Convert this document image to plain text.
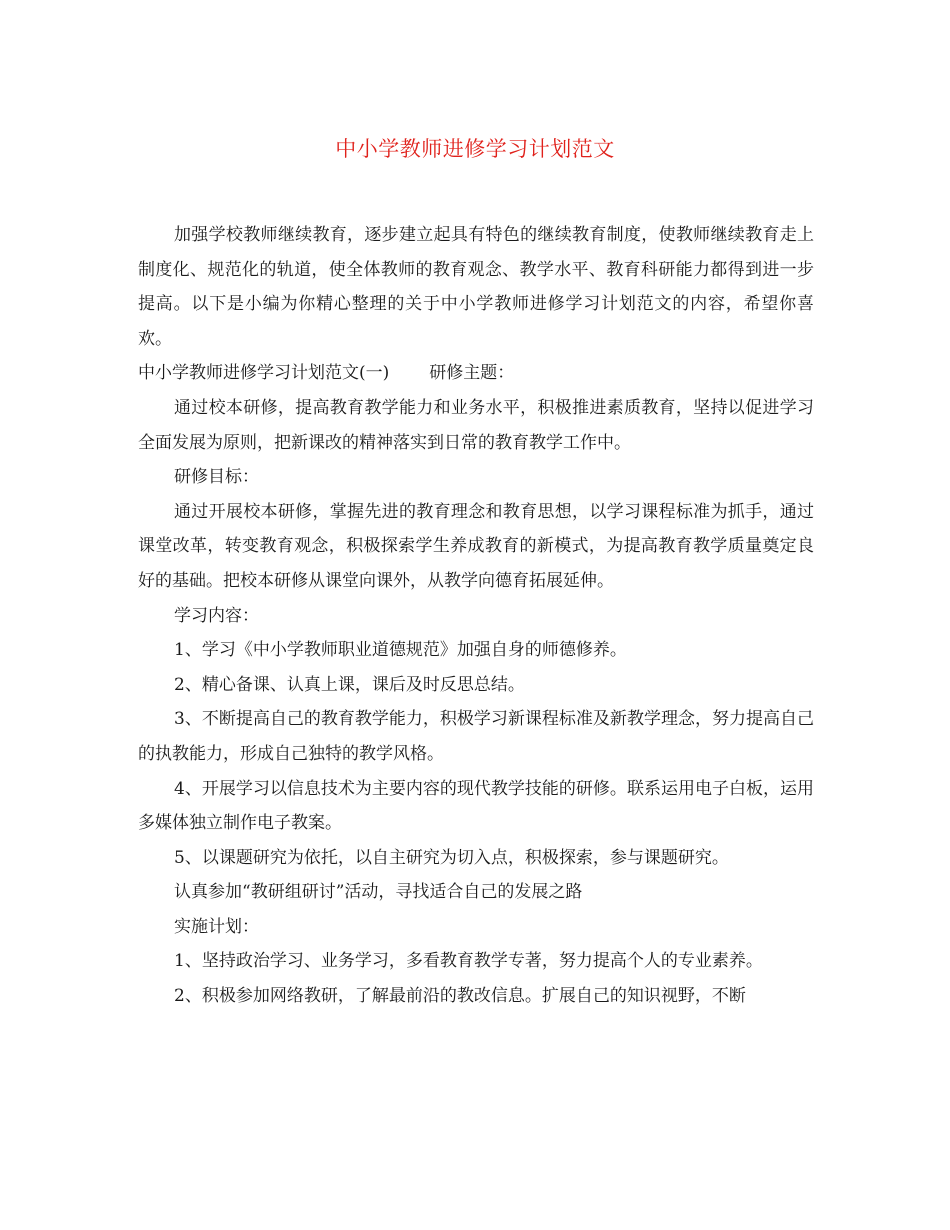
中小学教师进修学习计划范文

加强学校教师继续教育，逐步建立起具有特色的继续教育制度，使教师继续教育走上制度化、规范化的轨道，使全体教师的教育观念、教学水平、教育科研能力都得到进一步提高。以下是小编为你精心整理的关于中小学教师进修学习计划范文的内容，希望你喜欢。

中小学教师进修学习计划范文(一) 研修主题：

通过校本研修，提高教育教学能力和业务水平，积极推进素质教育，坚持以促进学习全面发展为原则，把新课改的精神落实到日常的教育教学工作中。

研修目标：

通过开展校本研修，掌握先进的教育理念和教育思想，以学习课程标准为抓手，通过课堂改革，转变教育观念，积极探索学生养成教育的新模式，为提高教育教学质量奠定良好的基础。把校本研修从课堂向课外，从教学向德育拓展延伸。

学习内容：

1、学习《中小学教师职业道德规范》加强自身的师德修养。

2、精心备课、认真上课，课后及时反思总结。

3、不断提高自己的教育教学能力，积极学习新课程标准及新教学理念，努力提高自己的执教能力，形成自己独特的教学风格。

4、开展学习以信息技术为主要内容的现代教学技能的研修。联系运用电子白板，运用多媒体独立制作电子教案。

5、以课题研究为依托，以自主研究为切入点，积极探索，参与课题研究。

认真参加“教研组研讨”活动，寻找适合自己的发展之路

实施计划：

1、坚持政治学习、业务学习，多看教育教学专著，努力提高个人的专业素养。

2、积极参加网络教研，了解最前沿的教改信息。扩展自己的知识视野，不断
